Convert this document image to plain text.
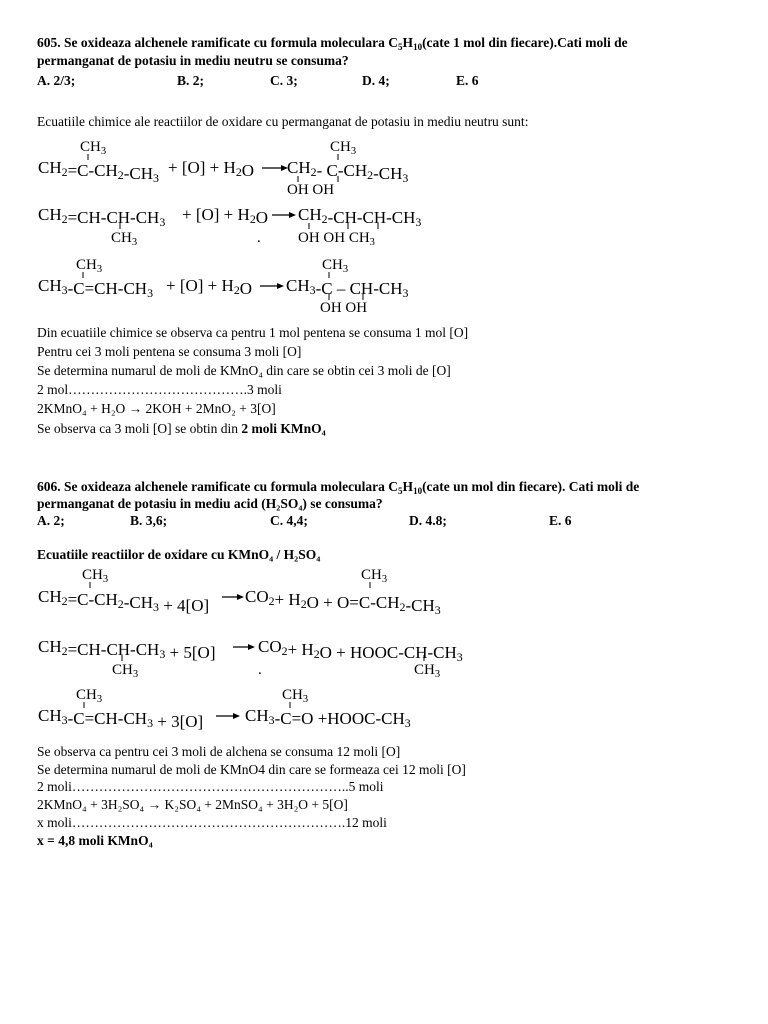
605. Se oxideaza alchenele ramificate cu formula moleculara $C_5H_{10}(cate$ 1 mol din fiecare).Cati moli de
permanganat de potasiu in mediu neutru se consuma?
A. 2/3;	B. 2;	C. 3;	D. 4;	E. 6
Ecuatiile chimice ale reactiilor de oxidare cu permanganat de potasiu in mediu neutru sunt:
$CH_3$
CH2=C-CH2-CH3
+ [O] + H2O CH2- C-CH2-CH3
$CH_3$
OH OH
CH2=CH-CH-CH3 + [O] + H2O CH2-CH-CH-CH3
$CH_3$	OH OH $CH_3$
.
$CH_3$
CH3-C=CH-CH3 + [O] + H2O CH3-C – CH-CH3
$CH_3$
OH OH
Din ecuatiile chimice se observa ca pentru 1 mol pentena se consuma 1 mol [O]
Pentru cei 3 moli pentena se consuma 3 moli [O]
Se determina numarul de moli de KMnO₄ din care se obtin cei 3 moli de [O]
2 mol………………………………….3 moli
2KMnO₄ + H₂O → 2KOH + 2MnO₂ + 3[O]
Se observa ca 3 moli [O] se obtin din 2 moli KMnO₄
606. Se oxideaza alchenele ramificate cu formula moleculara $C_5H_{10}(cate$ un mol din fiecare). Cati moli de
permanganat de potasiu in mediu acid (H₂SO₄) se consuma?
A. 2;	B. 3,6;	C. 4,4;	D. 4.8;	E. 6
Ecuatiile reactiilor de oxidare cu KMnO₄ / H₂SO₄
$CH_3$
CH2=C-CH2-CH3 + 4[O] CO2+ H2O + O=C-CH2-CH3
$CH_3$
CH2=CH-CH-CH3 + 5[O]	CO2+ H2O + HOOC-CH-CH3
$CH_3$	$CH_3$
.
$CH_3$
CH3-C=CH-CH3 + 3[O] CH3-C=O +HOOC-CH3
$CH_3$
Se observa ca pentru cei 3 moli de alchena se consuma 12 moli [O]
Se determina numarul de moli de KMnO4 din care se formeaza cei 12 moli [O]
2 moli……………………………………………………..5 moli
2KMnO₄ + 3H₂SO₄ → K₂SO₄ + 2MnSO₄ + 3H₂O + 5[O]
x moli…………………………………………………….12 moli
x = 4,8 moli KMnO₄
